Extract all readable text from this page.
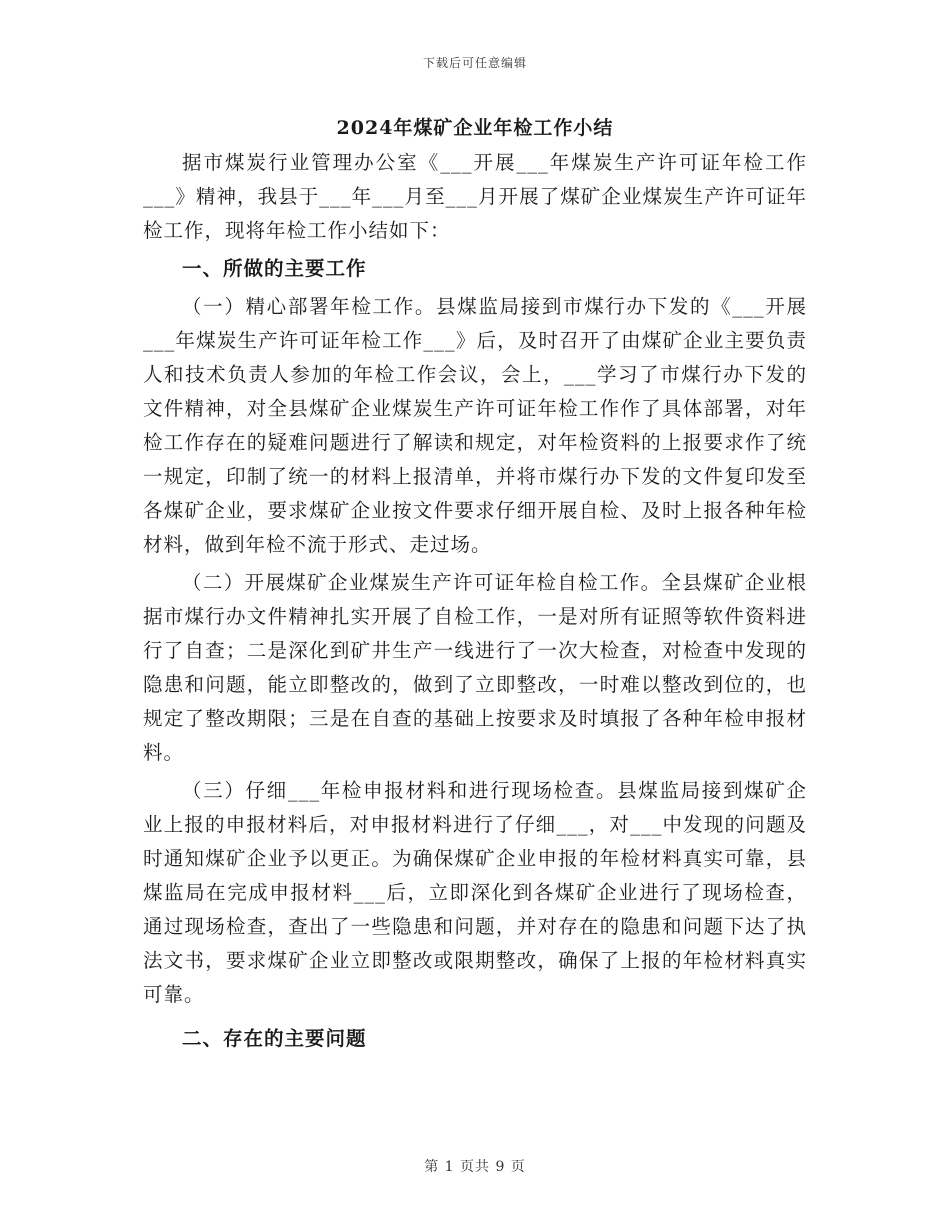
下载后可任意编辑
2024年煤矿企业年检工作小结

据市煤炭行业管理办公室《___开展___年煤炭生产许可证年检工作___》精神，我县于___年___月至___月开展了煤矿企业煤炭生产许可证年检工作，现将年检工作小结如下：

一、所做的主要工作

（一）精心部署年检工作。县煤监局接到市煤行办下发的《___开展___年煤炭生产许可证年检工作___》后，及时召开了由煤矿企业主要负责人和技术负责人参加的年检工作会议，会上，___学习了市煤行办下发的文件精神，对全县煤矿企业煤炭生产许可证年检工作作了具体部署，对年检工作存在的疑难问题进行了解读和规定，对年检资料的上报要求作了统一规定，印制了统一的材料上报清单，并将市煤行办下发的文件复印发至各煤矿企业，要求煤矿企业按文件要求仔细开展自检、及时上报各种年检材料，做到年检不流于形式、走过场。

（二）开展煤矿企业煤炭生产许可证年检自检工作。全县煤矿企业根据市煤行办文件精神扎实开展了自检工作，一是对所有证照等软件资料进行了自查；二是深化到矿井生产一线进行了一次大检查，对检查中发现的隐患和问题，能立即整改的，做到了立即整改，一时难以整改到位的，也规定了整改期限；三是在自查的基础上按要求及时填报了各种年检申报材料。

（三）仔细___年检申报材料和进行现场检查。县煤监局接到煤矿企业上报的申报材料后，对申报材料进行了仔细___，对___中发现的问题及时通知煤矿企业予以更正。为确保煤矿企业申报的年检材料真实可靠，县煤监局在完成申报材料___后，立即深化到各煤矿企业进行了现场检查，通过现场检查，查出了一些隐患和问题，并对存在的隐患和问题下达了执法文书，要求煤矿企业立即整改或限期整改，确保了上报的年检材料真实可靠。

二、存在的主要问题

第 1 页共 9 页
